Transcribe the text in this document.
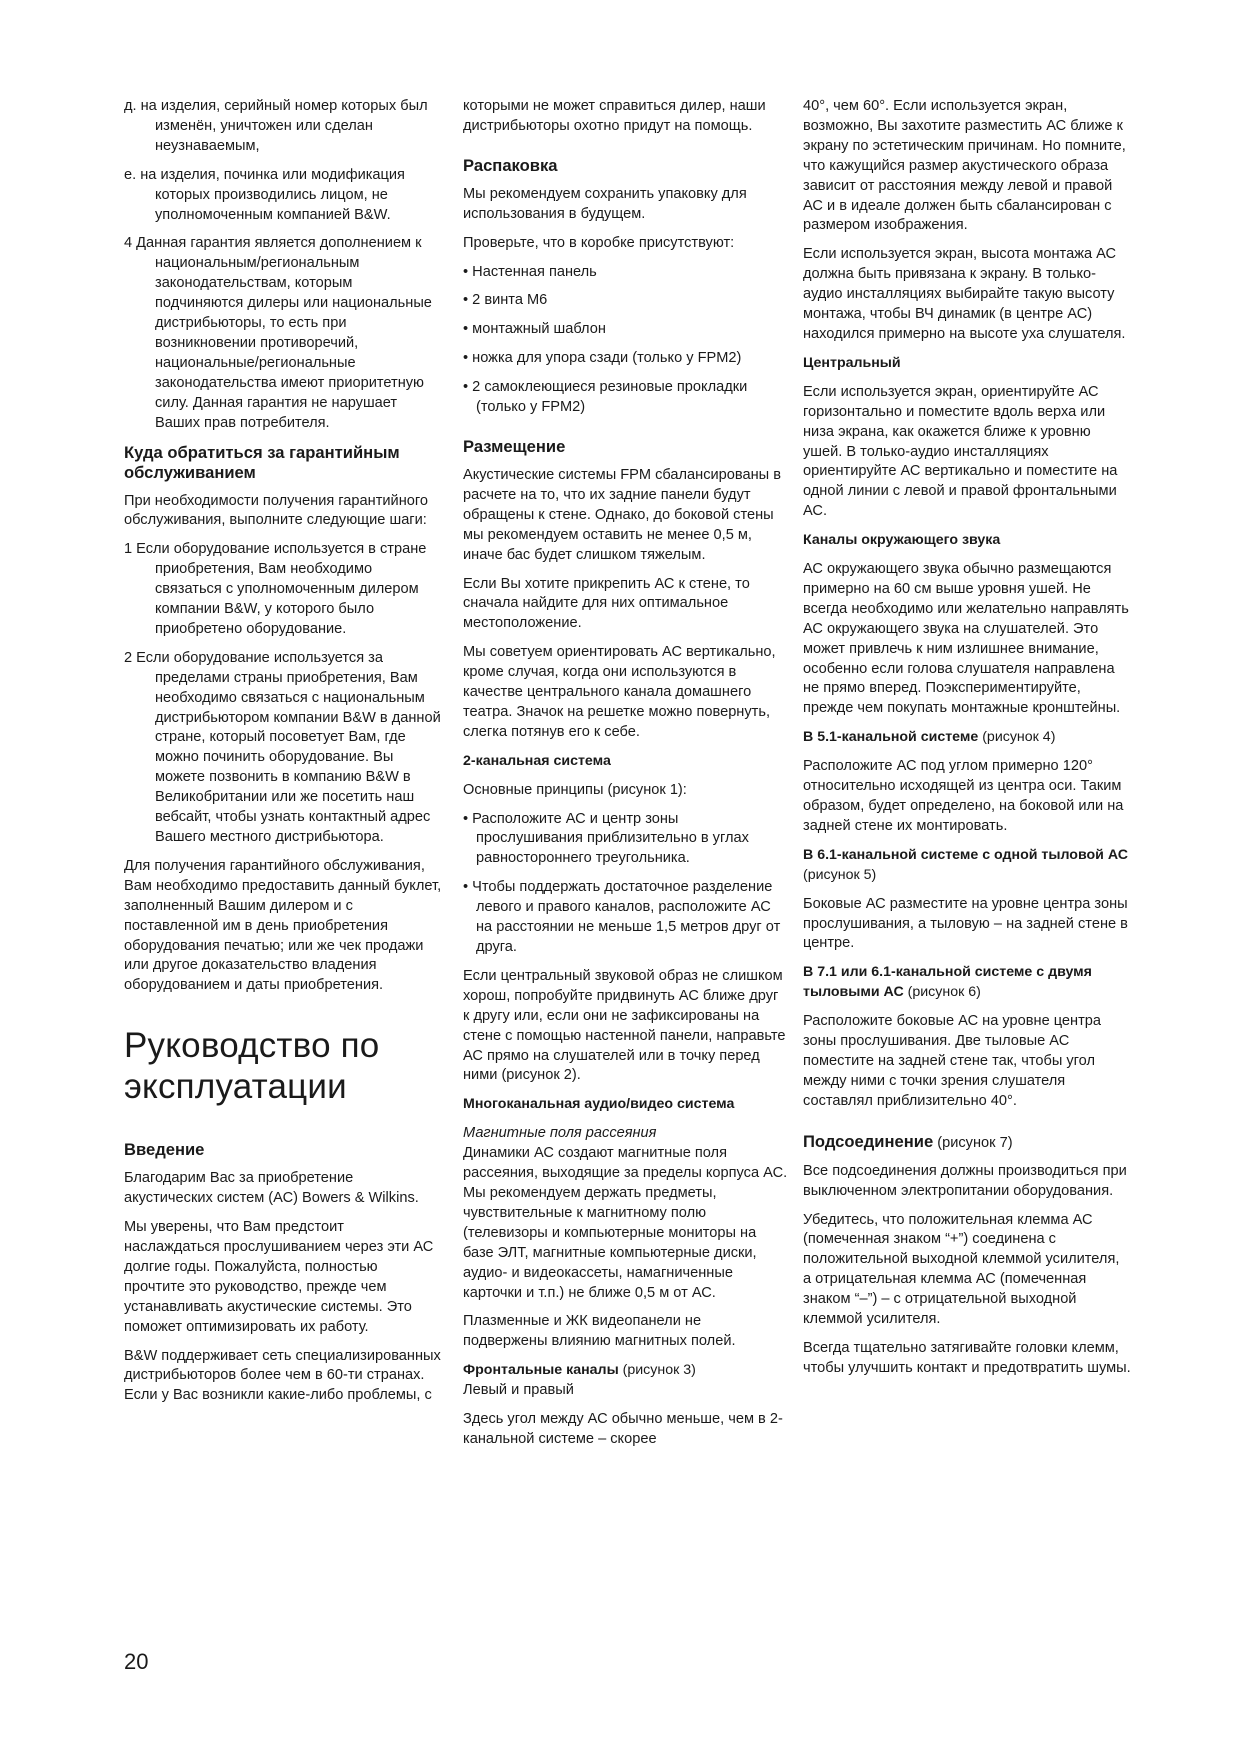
д. на изделия, серийный номер которых был изменён, уничтожен или сделан неузнаваемым,

е. на изделия, починка или модификация которых производились лицом, не уполномоченным компанией B&W.

4 Данная гарантия является дополнением к национальным/региональным законодательствам, которым подчиняются дилеры или национальные дистрибьюторы, то есть при возникновении противоречий, национальные/региональные законодательства имеют приоритетную силу. Данная гарантия не нарушает Ваших прав потребителя.

Куда обратиться за гарантийным обслуживанием

При необходимости получения гарантийного обслуживания, выполните следующие шаги:

1 Если оборудование используется в стране приобретения, Вам необходимо связаться с уполномоченным дилером компании B&W, у которого было приобретено оборудование.

2 Если оборудование используется за пределами страны приобретения, Вам необходимо связаться с национальным дистрибьютором компании B&W в данной стране, который посоветует Вам, где можно починить оборудование. Вы можете позвонить в компанию B&W в Великобритании или же посетить наш вебсайт, чтобы узнать контактный адрес Вашего местного дистрибьютора.

Для получения гарантийного обслуживания, Вам необходимо предоставить данный буклет, заполненный Вашим дилером и с поставленной им в день приобретения оборудования печатью; или же чек продажи или другое доказательство владения оборудованием и даты приобретения.

Руководство по эксплуатации
Введение

Благодарим Вас за приобретение акустических систем (АС) Bowers & Wilkins.

Мы уверены, что Вам предстоит наслаждаться прослушиванием через эти АС долгие годы. Пожалуйста, полностью прочтите это руководство, прежде чем устанавливать акустические системы. Это поможет оптимизировать их работу.

B&W поддерживает сеть специализированных дистрибьюторов более чем в 60-ти странах. Если у Вас возникли какие-либо проблемы, с

которыми не может справиться дилер, наши дистрибьюторы охотно придут на помощь.

Распаковка

Мы рекомендуем сохранить упаковку для использования в будущем.

Проверьте, что в коробке присутствуют:

• Настенная панель

• 2 винта М6

• монтажный шаблон

• ножка для упора сзади (только у FPM2)

• 2 самоклеющиеся резиновые прокладки (только у FPM2)

Размещение

Акустические системы FPM сбалансированы в расчете на то, что их задние панели будут обращены к стене. Однако, до боковой стены мы рекомендуем оставить не менее 0,5 м, иначе бас будет слишком тяжелым.

Если Вы хотите прикрепить АС к стене, то сначала найдите для них оптимальное местоположение.

Мы советуем ориентировать АС вертикально, кроме случая, когда они используются в качестве центрального канала домашнего театра. Значок на решетке можно повернуть, слегка потянув его к себе.

2-канальная система

Основные принципы (рисунок 1):

• Расположите АС и центр зоны прослушивания приблизительно в углах равностороннего треугольника.

• Чтобы поддержать достаточное разделение левого и правого каналов, расположите АС на расстоянии не меньше 1,5 метров друг от друга.

Если центральный звуковой образ не слишком хорош, попробуйте придвинуть АС ближе друг к другу или, если они не зафиксированы на стене с помощью настенной панели, направьте АС прямо на слушателей или в точку перед ними (рисунок 2).

Многоканальная аудио/видео система

Магнитные поля рассеяния

Динамики АС создают магнитные поля рассеяния, выходящие за пределы корпуса АС. Мы рекомендуем держать предметы, чувствительные к магнитному полю (телевизоры и компьютерные мониторы на базе ЭЛТ, магнитные компьютерные диски, аудио- и видеокассеты, намагниченные карточки и т.п.) не ближе 0,5 м от АС.

Плазменные и ЖК видеопанели не подвержены влиянию магнитных полей.

Фронтальные каналы (рисунок 3)

Левый и правый

Здесь угол между АС обычно меньше, чем в 2-канальной системе – скорее

40°, чем 60°. Если используется экран, возможно, Вы захотите разместить АС ближе к экрану по эстетическим причинам. Но помните, что кажущийся размер акустического образа зависит от расстояния между левой и правой АС и в идеале должен быть сбалансирован с размером изображения.

Если используется экран, высота монтажа АС должна быть привязана к экрану. В только-аудио инсталляциях выбирайте такую высоту монтажа, чтобы ВЧ динамик (в центре АС) находился примерно на высоте уха слушателя.

Центральный

Если используется экран, ориентируйте АС горизонтально и поместите вдоль верха или низа экрана, как окажется ближе к уровню ушей. В только-аудио инсталляциях ориентируйте АС вертикально и поместите на одной линии с левой и правой фронтальными АС.

Каналы окружающего звука

АС окружающего звука обычно размещаются примерно на 60 см выше уровня ушей. Не всегда необходимо или желательно направлять АС окружающего звука на слушателей. Это может привлечь к ним излишнее внимание, особенно если голова слушателя направлена не прямо вперед. Поэкспериментируйте, прежде чем покупать монтажные кронштейны.

В 5.1-канальной системе (рисунок 4)

Расположите АС под углом примерно 120° относительно исходящей из центра оси. Таким образом, будет определено, на боковой или на задней стене их монтировать.

В 6.1-канальной системе с одной тыловой АС (рисунок 5)

Боковые АС разместите на уровне центра зоны прослушивания, а тыловую – на задней стене в центре.

В 7.1 или 6.1-канальной системе с двумя тыловыми АС (рисунок 6)

Расположите боковые АС на уровне центра зоны прослушивания. Две тыловые АС поместите на задней стене так, чтобы угол между ними с точки зрения слушателя составлял приблизительно 40°.

Подсоединение (рисунок 7)

Все подсоединения должны производиться при выключенном электропитании оборудования.

Убедитесь, что положительная клемма АС (помеченная знаком “+”) соединена с положительной выходной клеммой усилителя, а отрицательная клемма АС (помеченная знаком “–”) – с отрицательной выходной клеммой усилителя.

Всегда тщательно затягивайте головки клемм, чтобы улучшить контакт и предотвратить шумы.

20
